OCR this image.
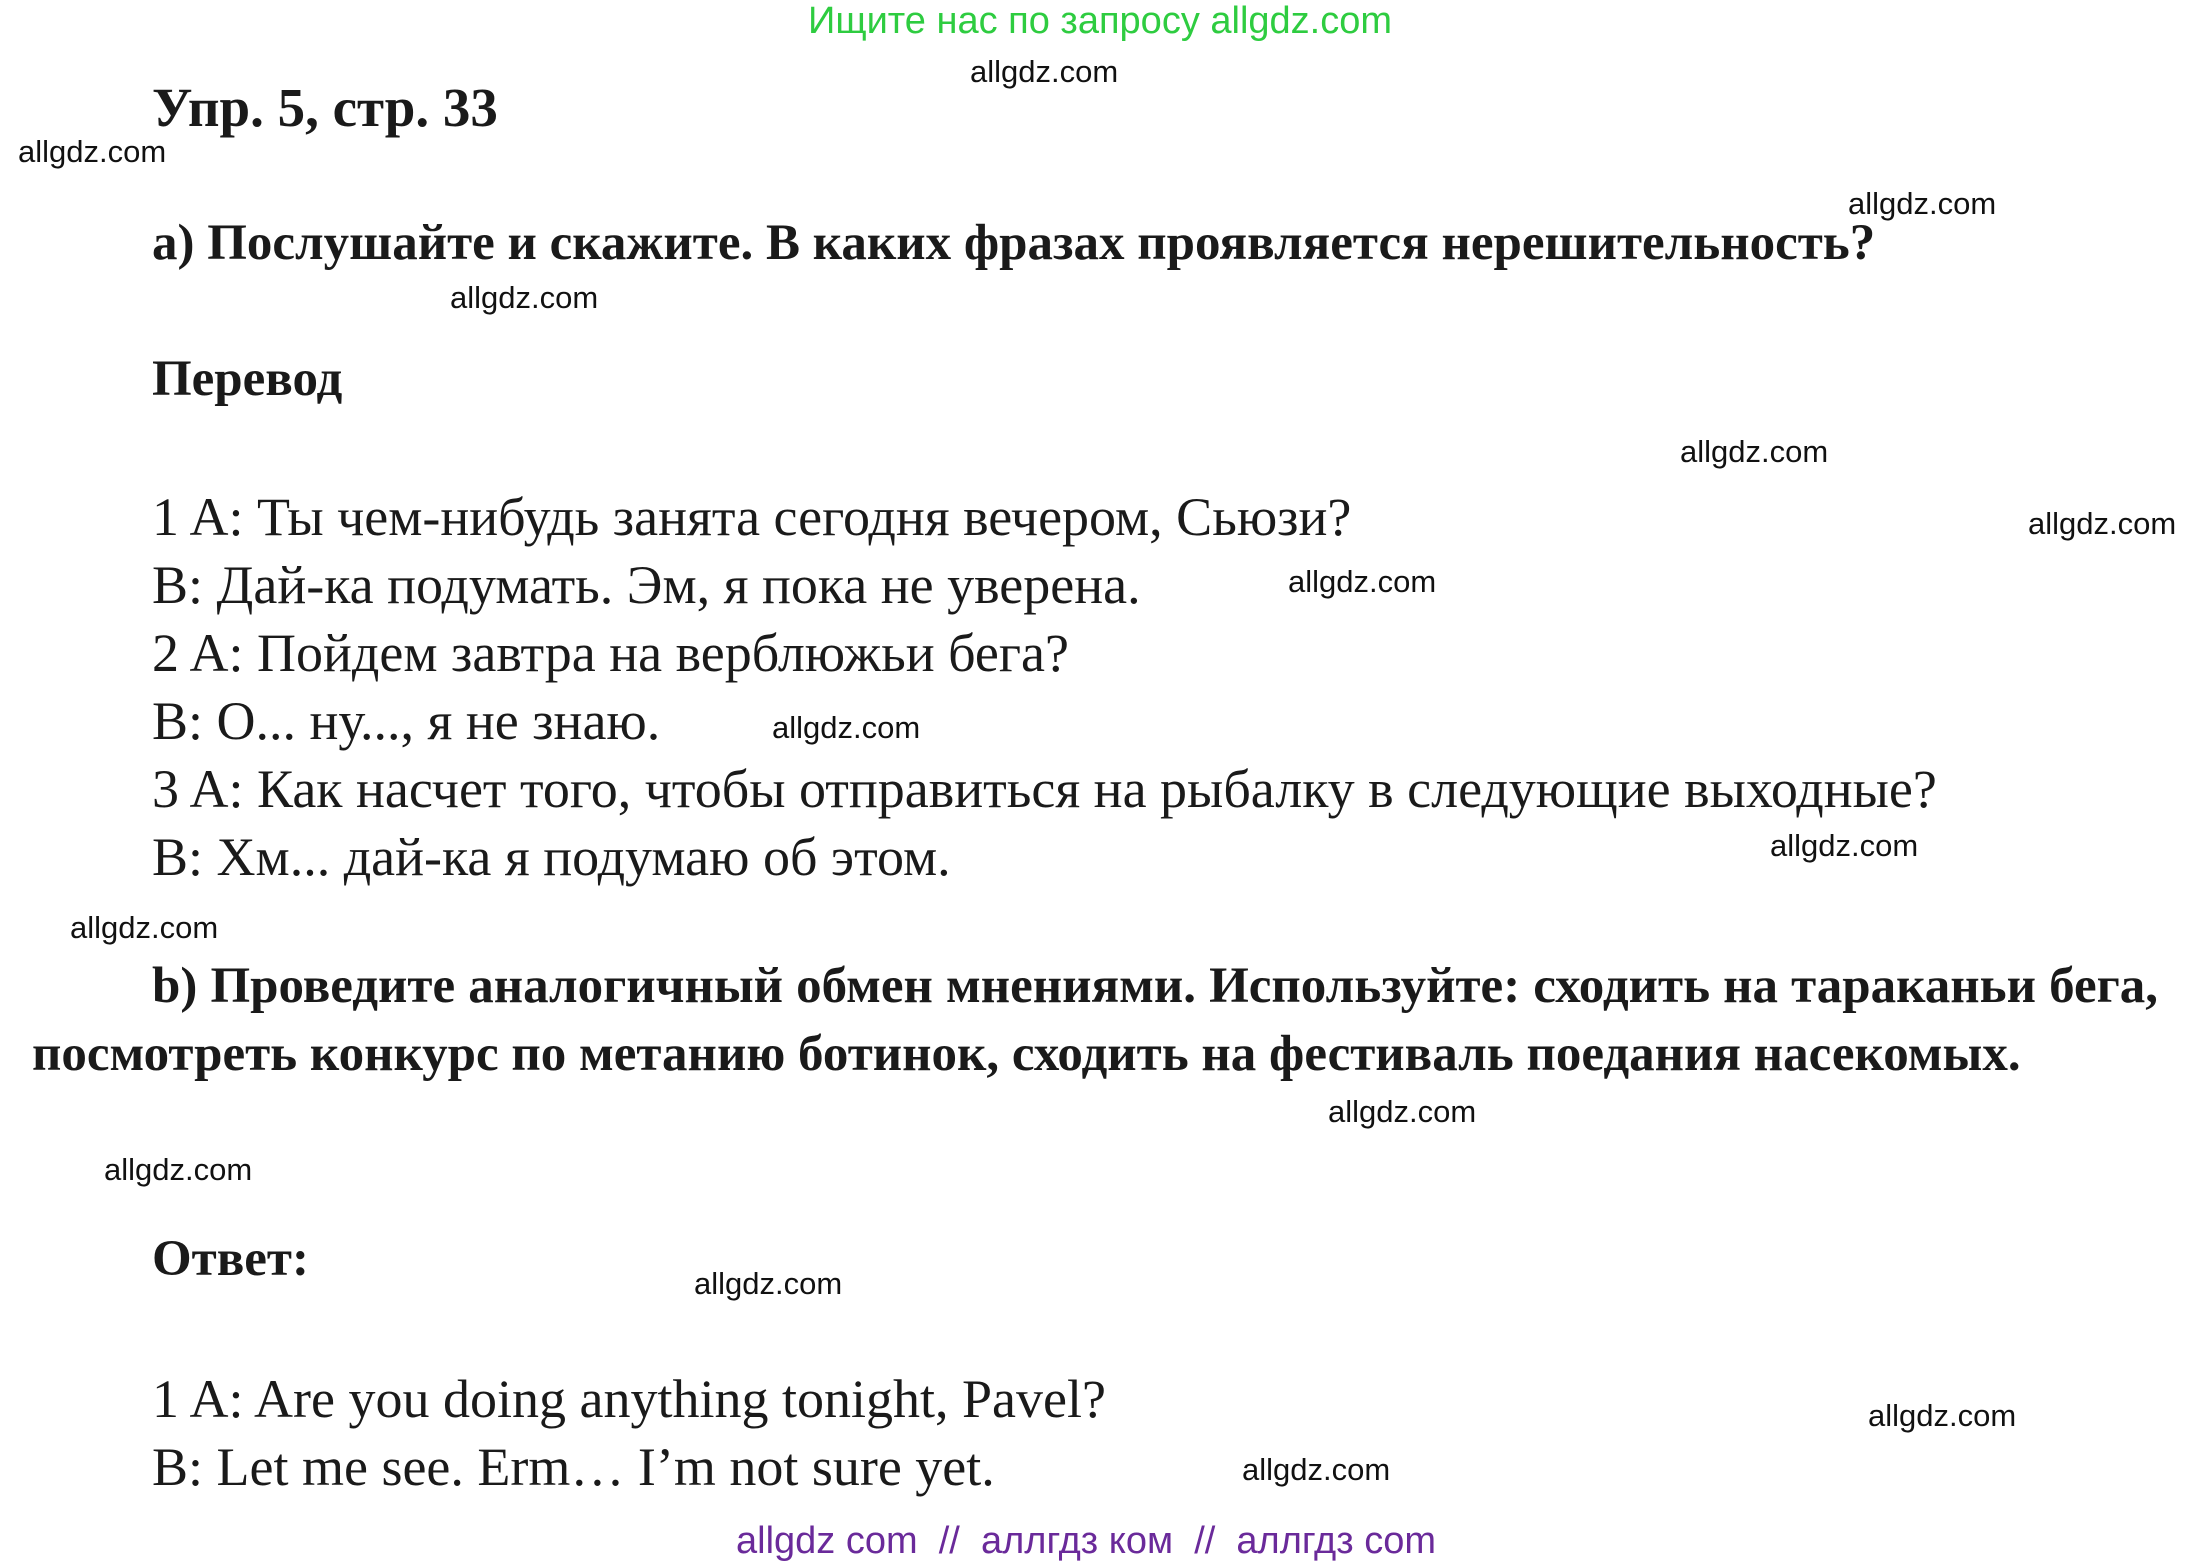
Ищите нас по запросу allgdz.com
Упр. 5, стр. 33
a) Послушайте и скажите. В каких фразах проявляется нерешительность?
Перевод
1 A: Ты чем-нибудь занята сегодня вечером, Сьюзи?
B: Дай-ка подумать. Эм, я пока не уверена.
2 A: Пойдем завтра на верблюжьи бега?
B: О... ну..., я не знаю.
3 A: Как насчет того, чтобы отправиться на рыбалку в следующие выходные?
B: Хм... дай-ка я подумаю об этом.

b) Проведите аналогичный обмен мнениями. Используйте: сходить на тараканьи бега, посмотреть конкурс по метанию ботинок, сходить на фестиваль поедания насекомых.

Ответ:
1 A: Are you doing anything tonight, Pavel?
B: Let me see. Erm… I’m not sure yet.
allgdz.com
allgdz.com
allgdz.com
allgdz.com
allgdz.com
allgdz.com
allgdz.com
allgdz.com
allgdz.com
allgdz.com
allgdz.com
allgdz.com
allgdz.com
allgdz.com
allgdz.com
allgdz com  //  аллгдз ком  //  аллгдз com
